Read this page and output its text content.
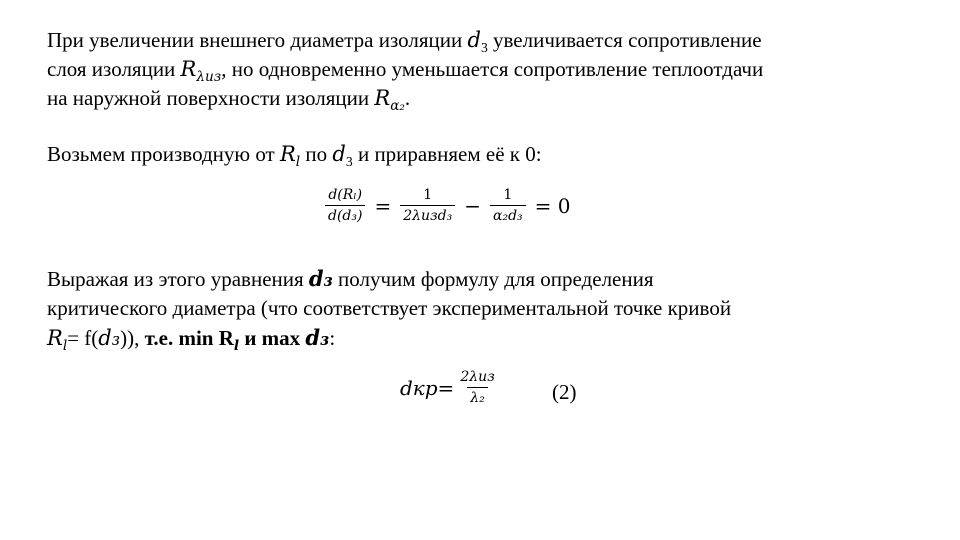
При увеличении внешнего диаметра изоляции $d_3$ увеличивается сопротивление
слоя изоляции $R_{\lambda из}$, но одновременно уменьшается сопротивление теплоотдачи
на наружной поверхности изоляции $R_{\alpha_2}$.
Возьмем производную от $R_l$ по $d_3$ и приравняем её к 0:
$\frac{\text{d(Rₗ)}}{\text{d(d₃)}} = \frac{1}{\text{2λизd₃}} - \frac{1}{\text{α₂d₃}} = 0$
Выражая из этого уравнения d₃ получим формулу для определения
критического диаметра (что соответствует экспериментальной точке кривой
$R_l= f(d_3)$), т.е. $\min R_l$ и max d₃:
$dкр= \frac{\text{2λиз}}{\text{λ₂}}$	(2)
